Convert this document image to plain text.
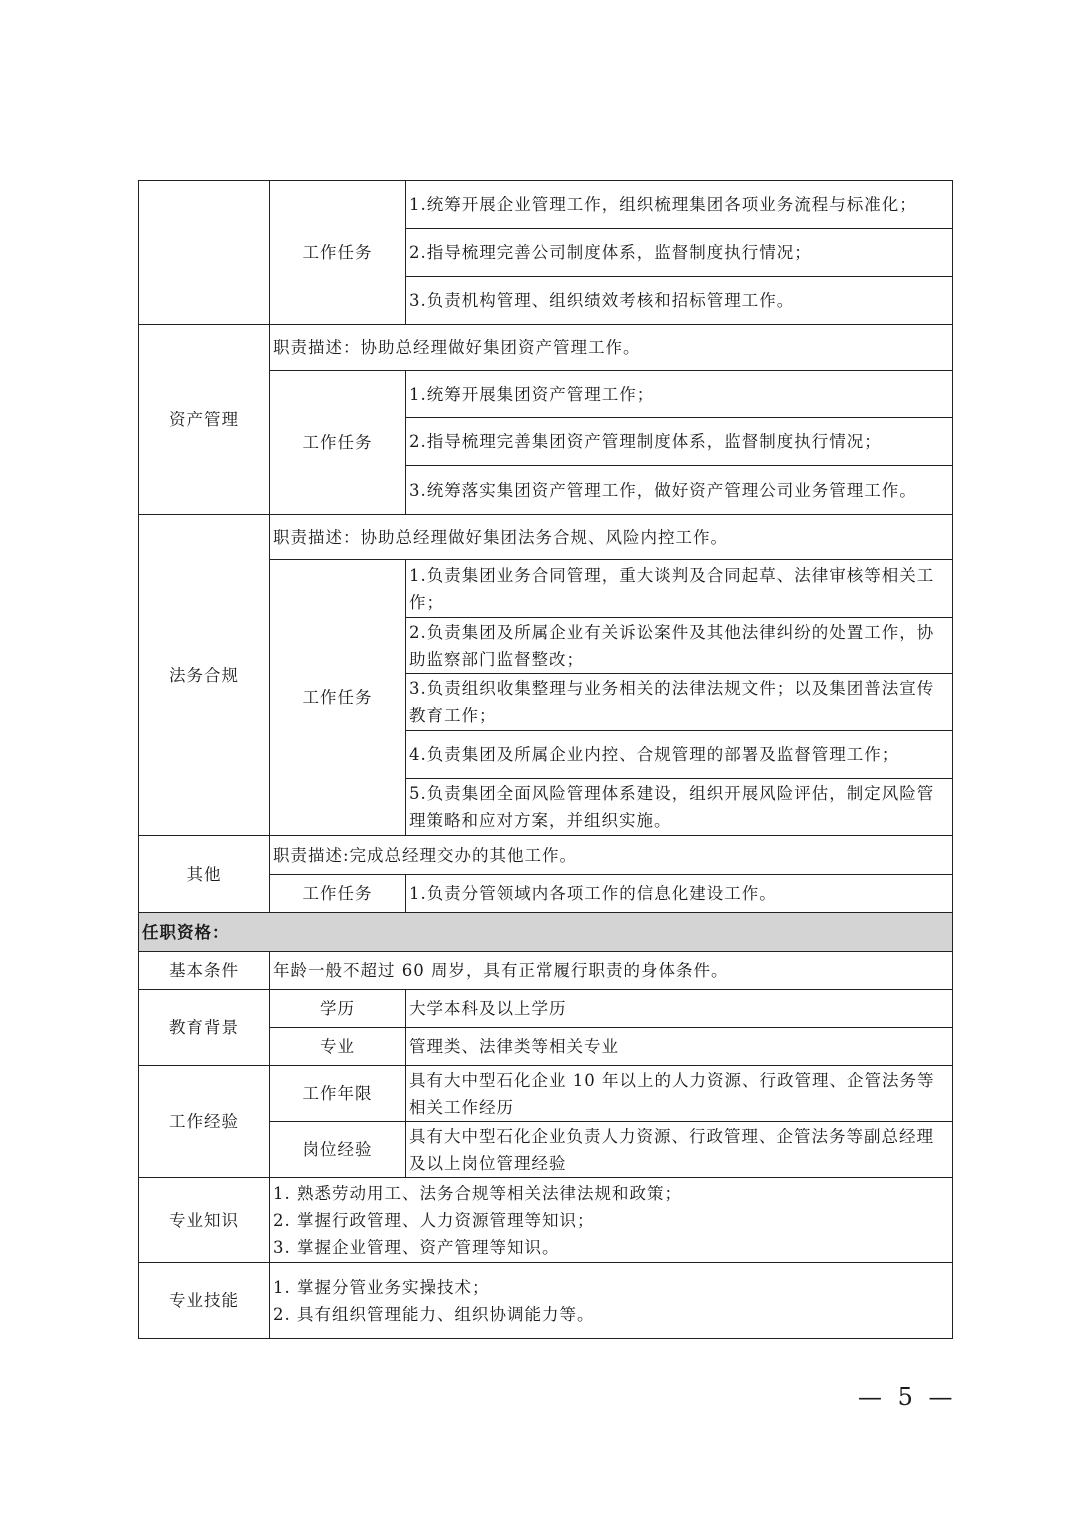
	工作任务	1.统筹开展企业管理工作，组织梳理集团各项业务流程与标准化；
		2.指导梳理完善公司制度体系，监督制度执行情况；
		3.负责机构管理、组织绩效考核和招标管理工作。
资产管理	职责描述：协助总经理做好集团资产管理工作。	
	工作任务	1.统筹开展集团资产管理工作；
		2.指导梳理完善集团资产管理制度体系，监督制度执行情况；
		3.统筹落实集团资产管理工作，做好资产管理公司业务管理工作。
法务合规	职责描述：协助总经理做好集团法务合规、风险内控工作。	
	工作任务	1.负责集团业务合同管理，重大谈判及合同起草、法律审核等相关工作；
		2.负责集团及所属企业有关诉讼案件及其他法律纠纷的处置工作，协助监察部门监督整改；
		3.负责组织收集整理与业务相关的法律法规文件；以及集团普法宣传教育工作；
		4.负责集团及所属企业内控、合规管理的部署及监督管理工作；
		5.负责集团全面风险管理体系建设，组织开展风险评估，制定风险管理策略和应对方案，并组织实施。
其他	职责描述:完成总经理交办的其他工作。	
	工作任务	1.负责分管领域内各项工作的信息化建设工作。
任职资格：		
基本条件	年龄一般不超过 60 周岁，具有正常履行职责的身体条件。	
教育背景	学历	大学本科及以上学历
	专业	管理类、法律类等相关专业
工作经验	工作年限	具有大中型石化企业 10 年以上的人力资源、行政管理、企管法务等相关工作经历
	岗位经验	具有大中型石化企业负责人力资源、行政管理、企管法务等副总经理及以上岗位管理经验
专业知识	1. 熟悉劳动用工、法务合规等相关法律法规和政策；
2. 掌握行政管理、人力资源管理等知识；
3. 掌握企业管理、资产管理等知识。	

专业技能	1. 掌握分管业务实操技术；
2. 具有组织管理能力、组织协调能力等。	
— 5 —
